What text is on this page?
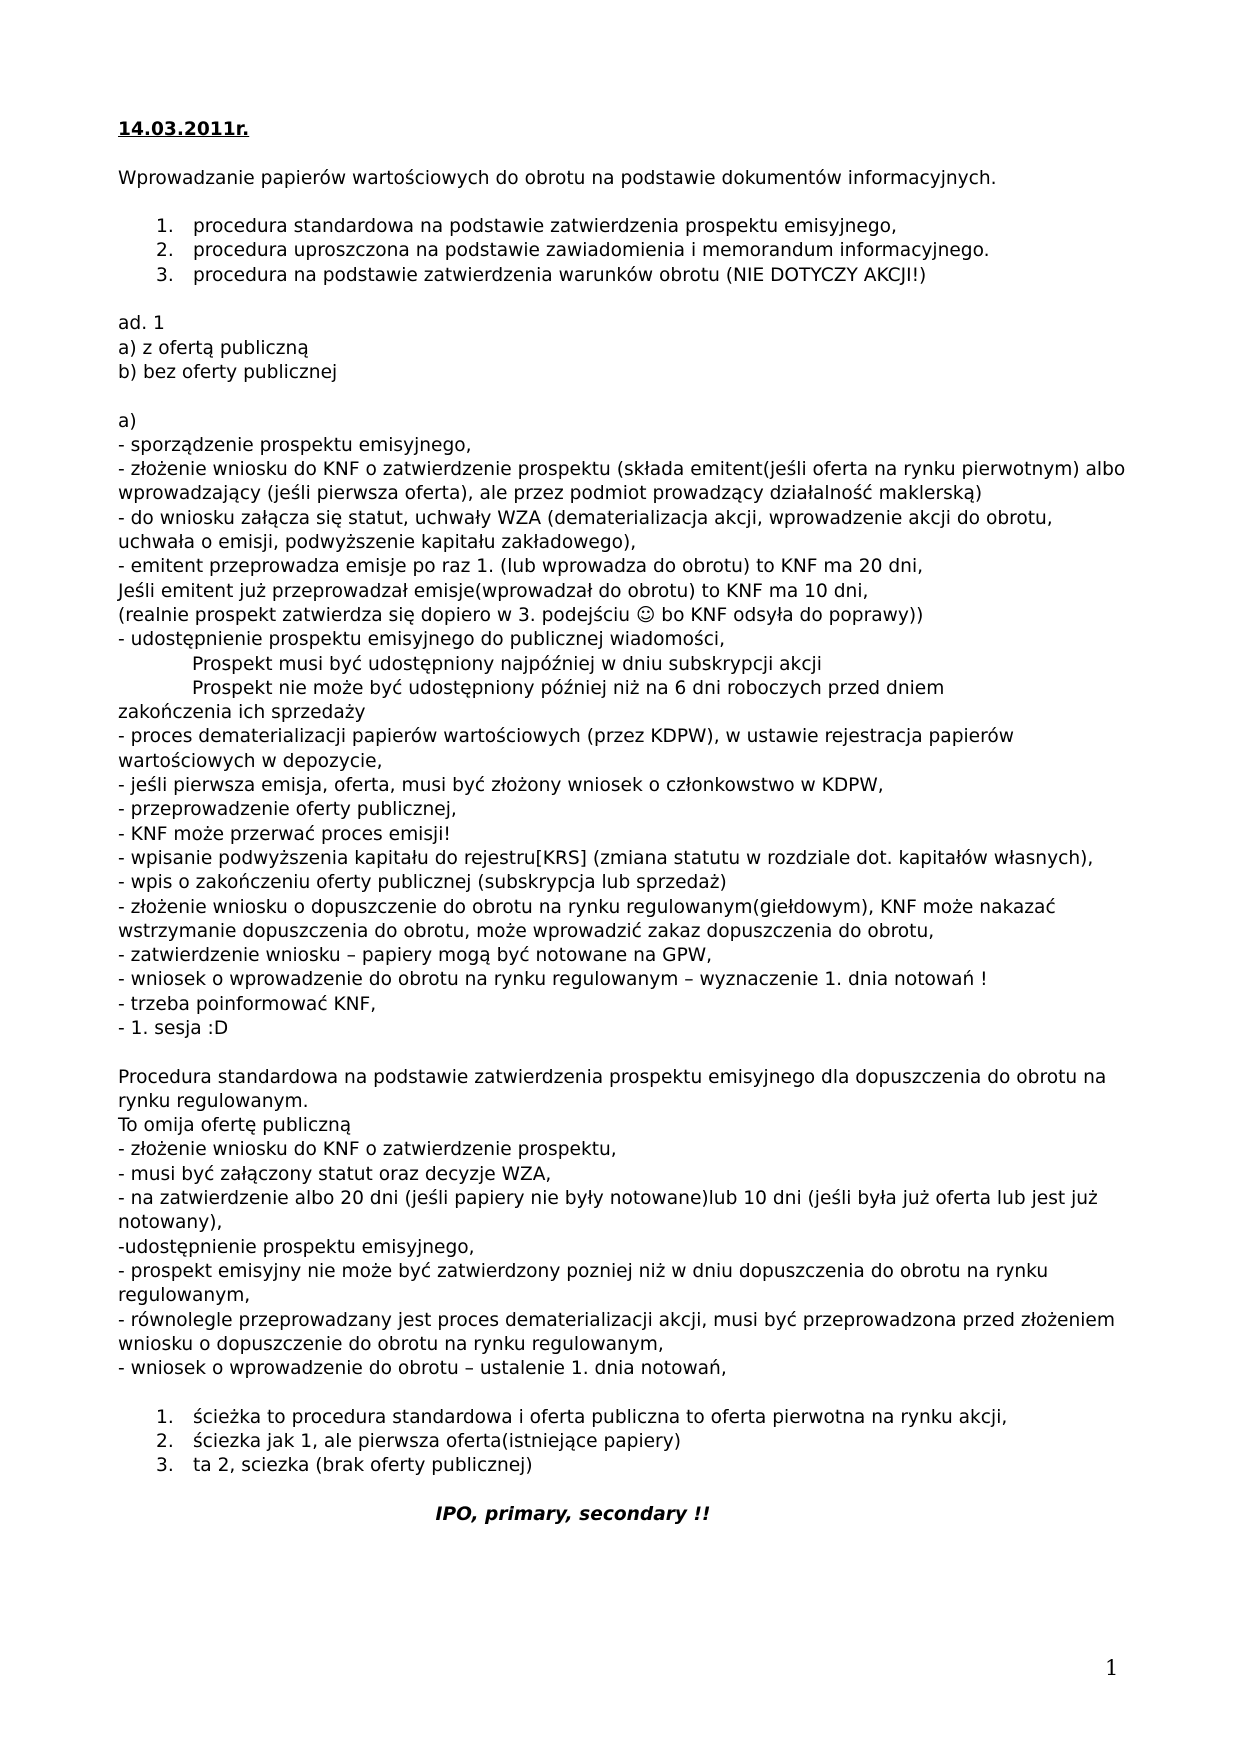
14.03.2011r.

Wprowadzanie papierów wartościowych do obrotu na podstawie dokumentów informacyjnych.

1.	procedura standardowa na podstawie zatwierdzenia prospektu emisyjnego,
2.	procedura uproszczona na podstawie zawiadomienia i memorandum informacyjnego.
3.	procedura na podstawie zatwierdzenia warunków obrotu (NIE DOTYCZY AKCJI!)

ad. 1

a) z ofertą publiczną

b) bez oferty publicznej

a)

- sporządzenie prospektu emisyjnego,

- złożenie wniosku do KNF o zatwierdzenie prospektu (składa emitent(jeśli oferta na rynku pierwotnym) albo wprowadzający (jeśli pierwsza oferta), ale przez podmiot prowadzący działalność maklerską)

- do wniosku załącza się statut, uchwały WZA (dematerializacja akcji, wprowadzenie akcji do obrotu, uchwała o emisji, podwyższenie kapitału zakładowego),

- emitent przeprowadza emisje po raz 1. (lub wprowadza do obrotu) to KNF ma 20 dni,

Jeśli emitent już przeprowadzał emisje(wprowadzał do obrotu) to KNF ma 10 dni,

(realnie prospekt zatwierdza się dopiero w 3. podejściu ☺ bo KNF odsyła do poprawy))

- udostępnienie prospektu emisyjnego do publicznej wiadomości,

Prospekt musi być udostępniony najpóźniej w dniu subskrypcji akcji

Prospekt nie może być udostępniony później niż na 6 dni roboczych przed dniem

zakończenia ich sprzedaży

- proces dematerializacji papierów wartościowych (przez KDPW), w ustawie rejestracja papierów wartościowych w depozycie,

- jeśli pierwsza emisja, oferta, musi być złożony wniosek o członkowstwo w KDPW,

- przeprowadzenie oferty publicznej,

- KNF może przerwać proces emisji!

- wpisanie podwyższenia kapitału do rejestru[KRS] (zmiana statutu w rozdziale dot. kapitałów własnych),

- wpis o zakończeniu oferty publicznej (subskrypcja lub sprzedaż)

- złożenie wniosku o dopuszczenie do obrotu na rynku regulowanym(giełdowym), KNF może nakazać wstrzymanie dopuszczenia do obrotu, może wprowadzić zakaz dopuszczenia do obrotu,

- zatwierdzenie wniosku – papiery mogą być notowane na GPW,

- wniosek o wprowadzenie do obrotu na rynku regulowanym – wyznaczenie 1. dnia notowań !

- trzeba poinformować KNF,

- 1. sesja :D

Procedura standardowa na podstawie zatwierdzenia prospektu emisyjnego dla dopuszczenia do obrotu na rynku regulowanym.

To omija ofertę publiczną

- złożenie wniosku do KNF o zatwierdzenie prospektu,

- musi być załączony statut oraz decyzje WZA,

- na zatwierdzenie albo 20 dni (jeśli papiery nie były notowane)lub 10 dni (jeśli była już oferta lub jest już notowany),

-udostępnienie prospektu emisyjnego,

- prospekt emisyjny nie może być zatwierdzony pozniej niż w dniu dopuszczenia do obrotu na rynku regulowanym,

- równolegle przeprowadzany jest proces dematerializacji akcji, musi być przeprowadzona przed złożeniem wniosku o dopuszczenie do obrotu na rynku regulowanym,

- wniosek o wprowadzenie do obrotu – ustalenie 1. dnia notowań,

1.	ścieżka to procedura standardowa i oferta publiczna to oferta pierwotna na rynku akcji,
2.	ściezka jak 1, ale pierwsza oferta(istniejące papiery)
3.	ta 2, sciezka (brak oferty publicznej)

IPO, primary, secondary !!

1
